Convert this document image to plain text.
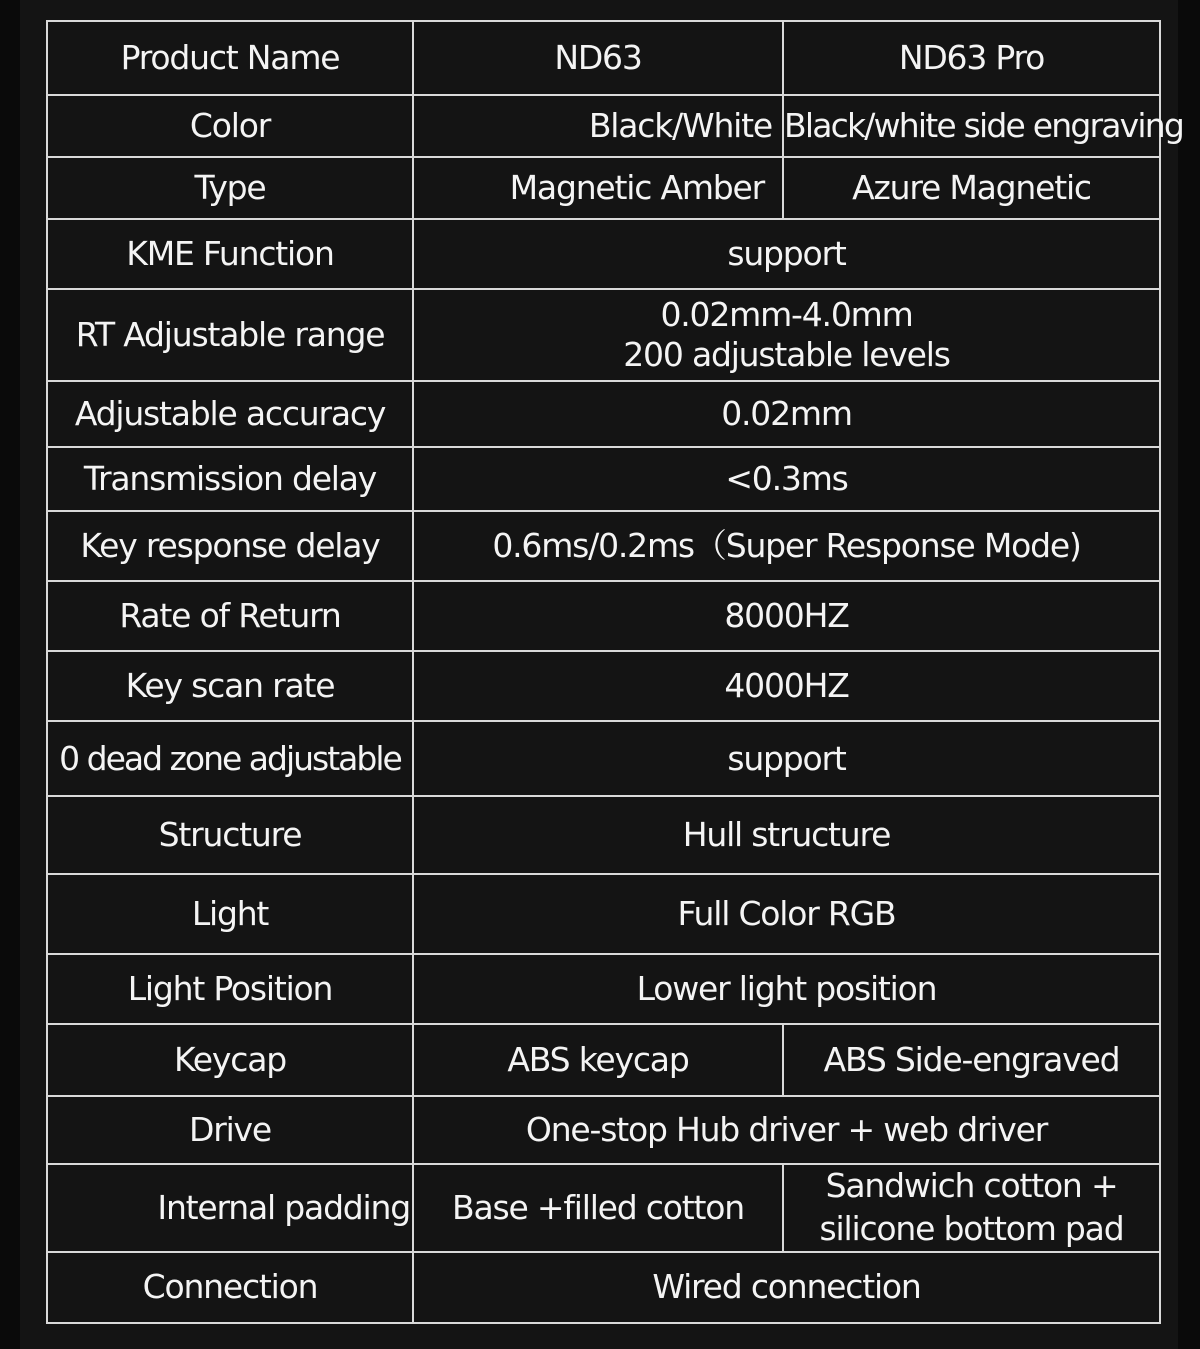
Product Name	ND63	ND63 Pro
Color	Black/White	Black/white side engraving
Type	Magnetic Amber	Azure Magnetic
KME Function	support	
RT Adjustable range	0.02mm-4.0mm
200 adjustable levels	

Adjustable accuracy	0.02mm	
Transmission delay	<0.3ms	
Key response delay	0.6ms/0.2ms（Super Response Mode)	
Rate of Return	8000HZ	
Key scan rate	4000HZ	
0 dead zone adjustable	support	
Structure	Hull structure	
Light	Full Color RGB	
Light Position	Lower light position	
Keycap	ABS keycap	ABS Side-engraved
Drive	One-stop Hub driver + web driver	
Internal padding	Base +filled cotton	Sandwich cotton +
silicone bottom pad

Connection	Wired connection	
